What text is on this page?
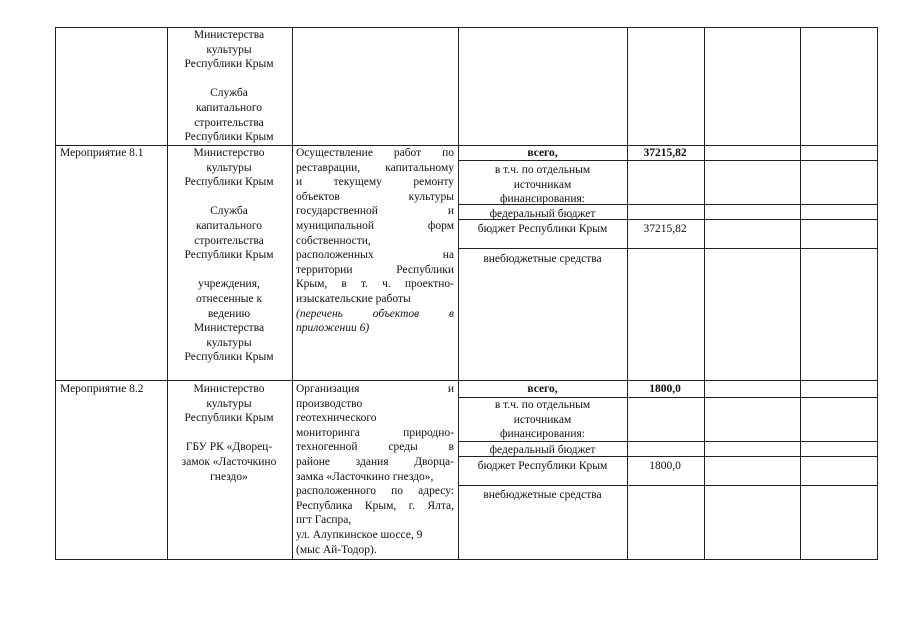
Министерства
культуры
Республики Крым

Служба
капитального
строительства
Республики Крым
Мероприятие 8.1	Министерство
культуры
Республики Крым

Служба
капитального
строительства
Республики Крым

учреждения,
отнесенные к
ведению
Министерства
культуры
Республики Крым
Осуществление работ по
реставрации, капитальному
и текущему ремонту
объектов культуры
государственной и
муниципальной форм
собственности,
расположенных на
территории Республики
Крым, в т. ч. проектно-
изыскательские работы
(перечень объектов в
приложении 6)
всего,
в т.ч. по отдельным
источникам
финансирования:
федеральный бюджет
бюджет Республики Крым
внебюджетные средства
37215,82
37215,82
Мероприятие 8.2	Министерство
культуры
Республики Крым

ГБУ РК «Дворец-
замок «Ласточкино
гнездо»
Организация и
производство
геотехнического
мониторинга природно-
техногенной среды в
районе здания Дворца-
замка «Ласточкино гнездо»,
расположенного по адресу:
Республика Крым, г. Ялта,
пгт Гаспра,
ул. Алупкинское шоссе, 9
(мыс Ай-Тодор).
всего,
в т.ч. по отдельным
источникам
финансирования:
федеральный бюджет
бюджет Республики Крым
внебюджетные средства
1800,0
1800,0
